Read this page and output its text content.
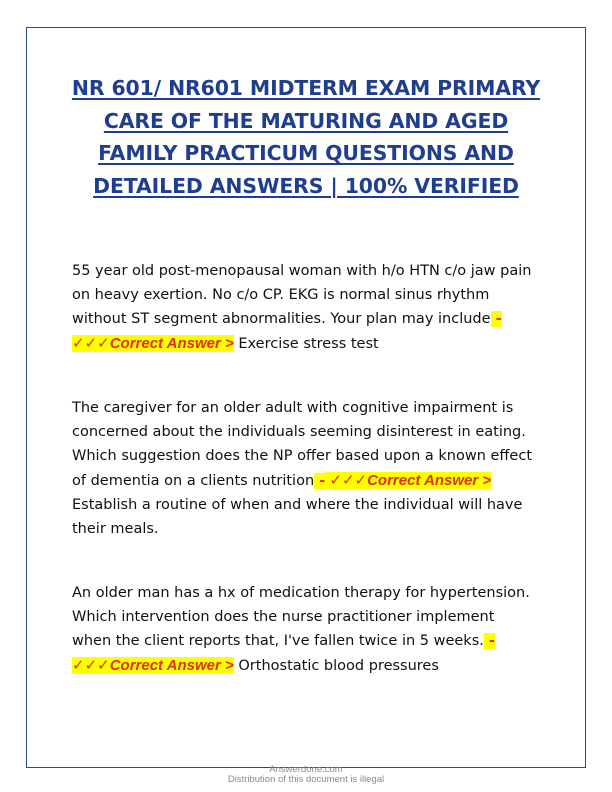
NR 601/ NR601 MIDTERM EXAM PRIMARY
CARE OF THE MATURING AND AGED
FAMILY PRACTICUM QUESTIONS AND
DETAILED ANSWERS | 100% VERIFIED

55 year old post-menopausal woman with h/o HTN c/o jaw pain
on heavy exertion. No c/o CP. EKG is normal sinus rhythm
without ST segment abnormalities. Your plan may include -
✓✓✓Correct Answer > Exercise stress test

The caregiver for an older adult with cognitive impairment is
concerned about the individuals seeming disinterest in eating.
Which suggestion does the NP offer based upon a known effect
of dementia on a clients nutrition - ✓✓✓Correct Answer >
Establish a routine of when and where the individual will have
their meals.

An older man has a hx of medication therapy for hypertension.
Which intervention does the nurse practitioner implement
when the client reports that, I've fallen twice in 5 weeks. -
✓✓✓Correct Answer > Orthostatic blood pressures

Answerdone.com
Distribution of this document is illegal
